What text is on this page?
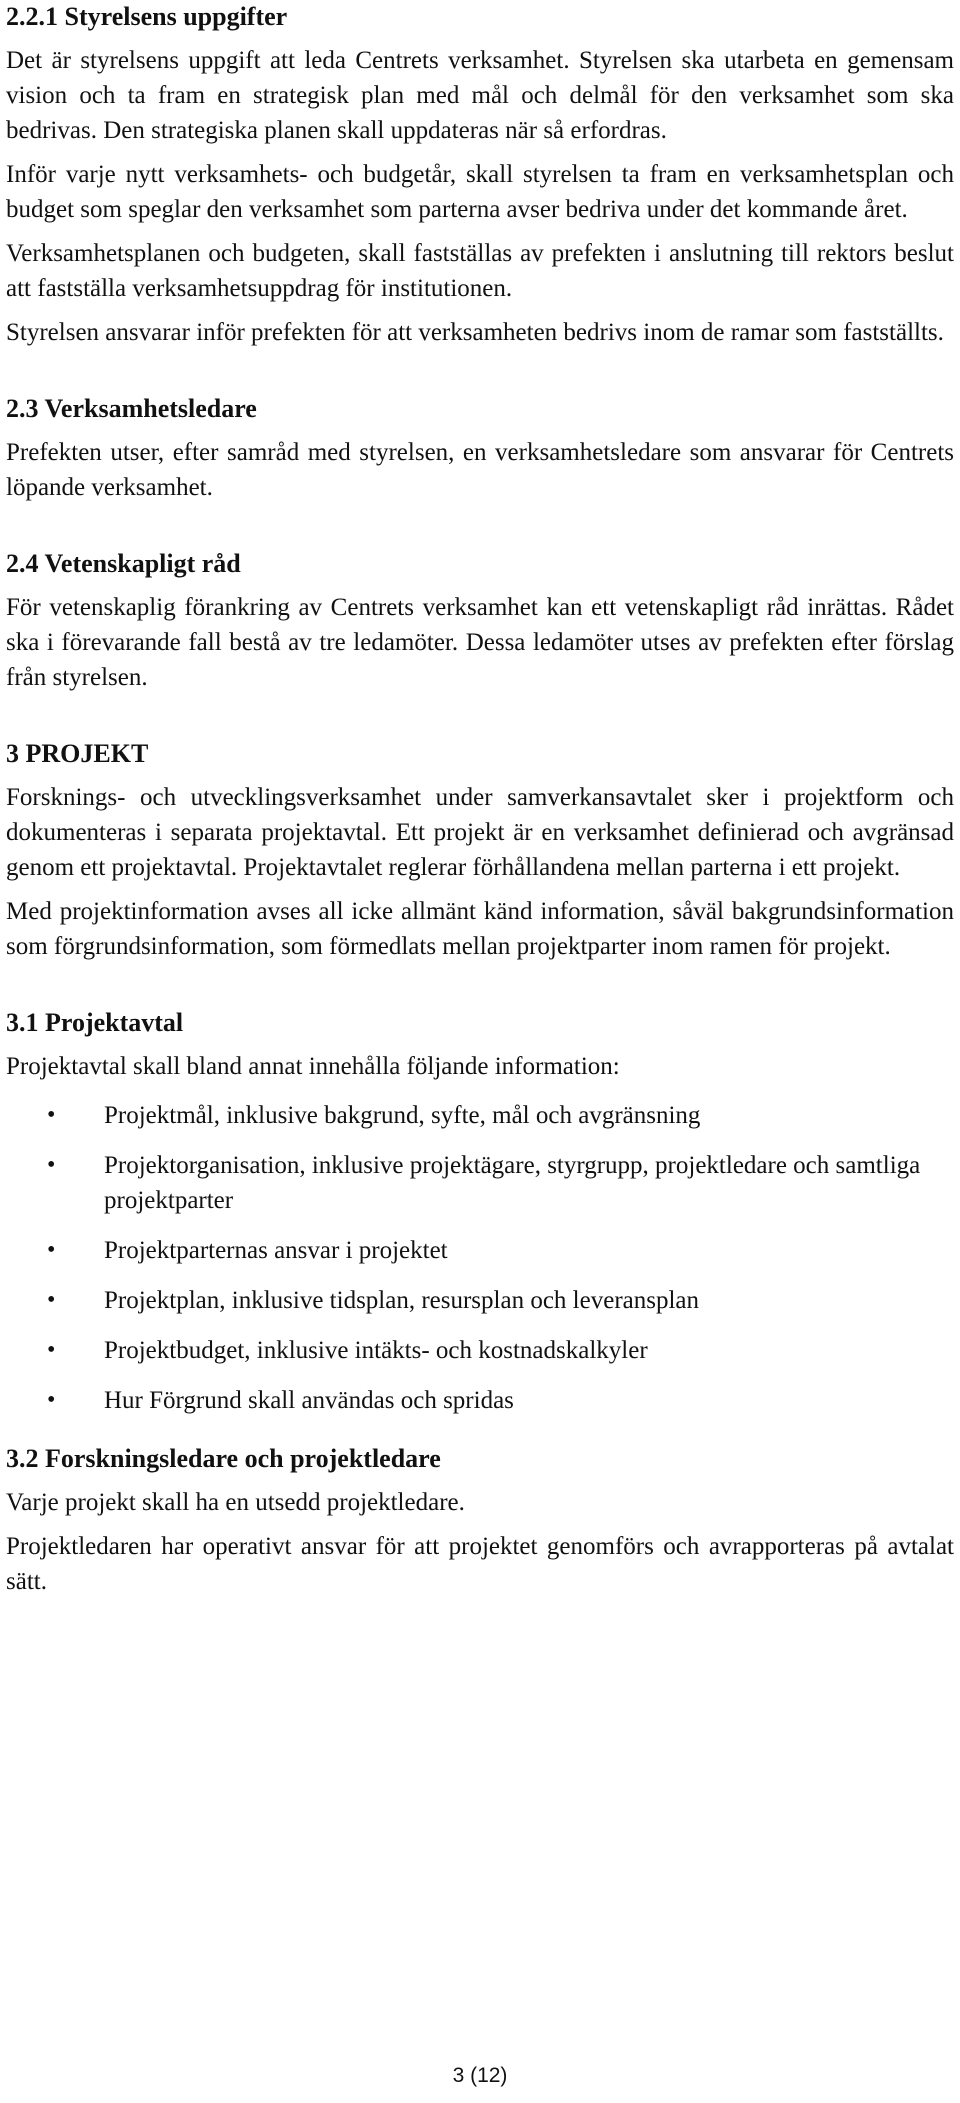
2.2.1 Styrelsens uppgifter

Det är styrelsens uppgift att leda Centrets verksamhet. Styrelsen ska utarbeta en gemensam vision och ta fram en strategisk plan med mål och delmål för den verksamhet som ska bedrivas. Den strategiska planen skall uppdateras när så erfordras.

Inför varje nytt verksamhets- och budgetår, skall styrelsen ta fram en verksamhetsplan och budget som speglar den verksamhet som parterna avser bedriva under det kommande året.

Verksamhetsplanen och budgeten, skall fastställas av prefekten i anslutning till rektors beslut att fastställa verksamhetsuppdrag för institutionen.

Styrelsen ansvarar inför prefekten för att verksamheten bedrivs inom de ramar som fastställts.

2.3 Verksamhetsledare

Prefekten utser, efter samråd med styrelsen, en verksamhetsledare som ansvarar för Centrets löpande verksamhet.

2.4 Vetenskapligt råd

För vetenskaplig förankring av Centrets verksamhet kan ett vetenskapligt råd inrättas. Rådet ska i förevarande fall bestå av tre ledamöter. Dessa ledamöter utses av prefekten efter förslag från styrelsen.

3 PROJEKT

Forsknings- och utvecklingsverksamhet under samverkansavtalet sker i projektform och dokumenteras i separata projektavtal. Ett projekt är en verksamhet definierad och avgränsad genom ett projektavtal. Projektavtalet reglerar förhållandena mellan parterna i ett projekt.

Med projektinformation avses all icke allmänt känd information, såväl bakgrundsinformation som förgrundsinformation, som förmedlats mellan projektparter inom ramen för projekt.

3.1 Projektavtal

Projektavtal skall bland annat innehålla följande information:

• Projektmål, inklusive bakgrund, syfte, mål och avgränsning
• Projektorganisation, inklusive projektägare, styrgrupp, projektledare och samtliga projektparter
• Projektparternas ansvar i projektet
• Projektplan, inklusive tidsplan, resursplan och leveransplan
• Projektbudget, inklusive intäkts- och kostnadskalkyler
• Hur Förgrund skall användas och spridas
3.2 Forskningsledare och projektledare

Varje projekt skall ha en utsedd projektledare.

Projektledaren har operativt ansvar för att projektet genomförs och avrapporteras på avtalat sätt.

3 (12)
